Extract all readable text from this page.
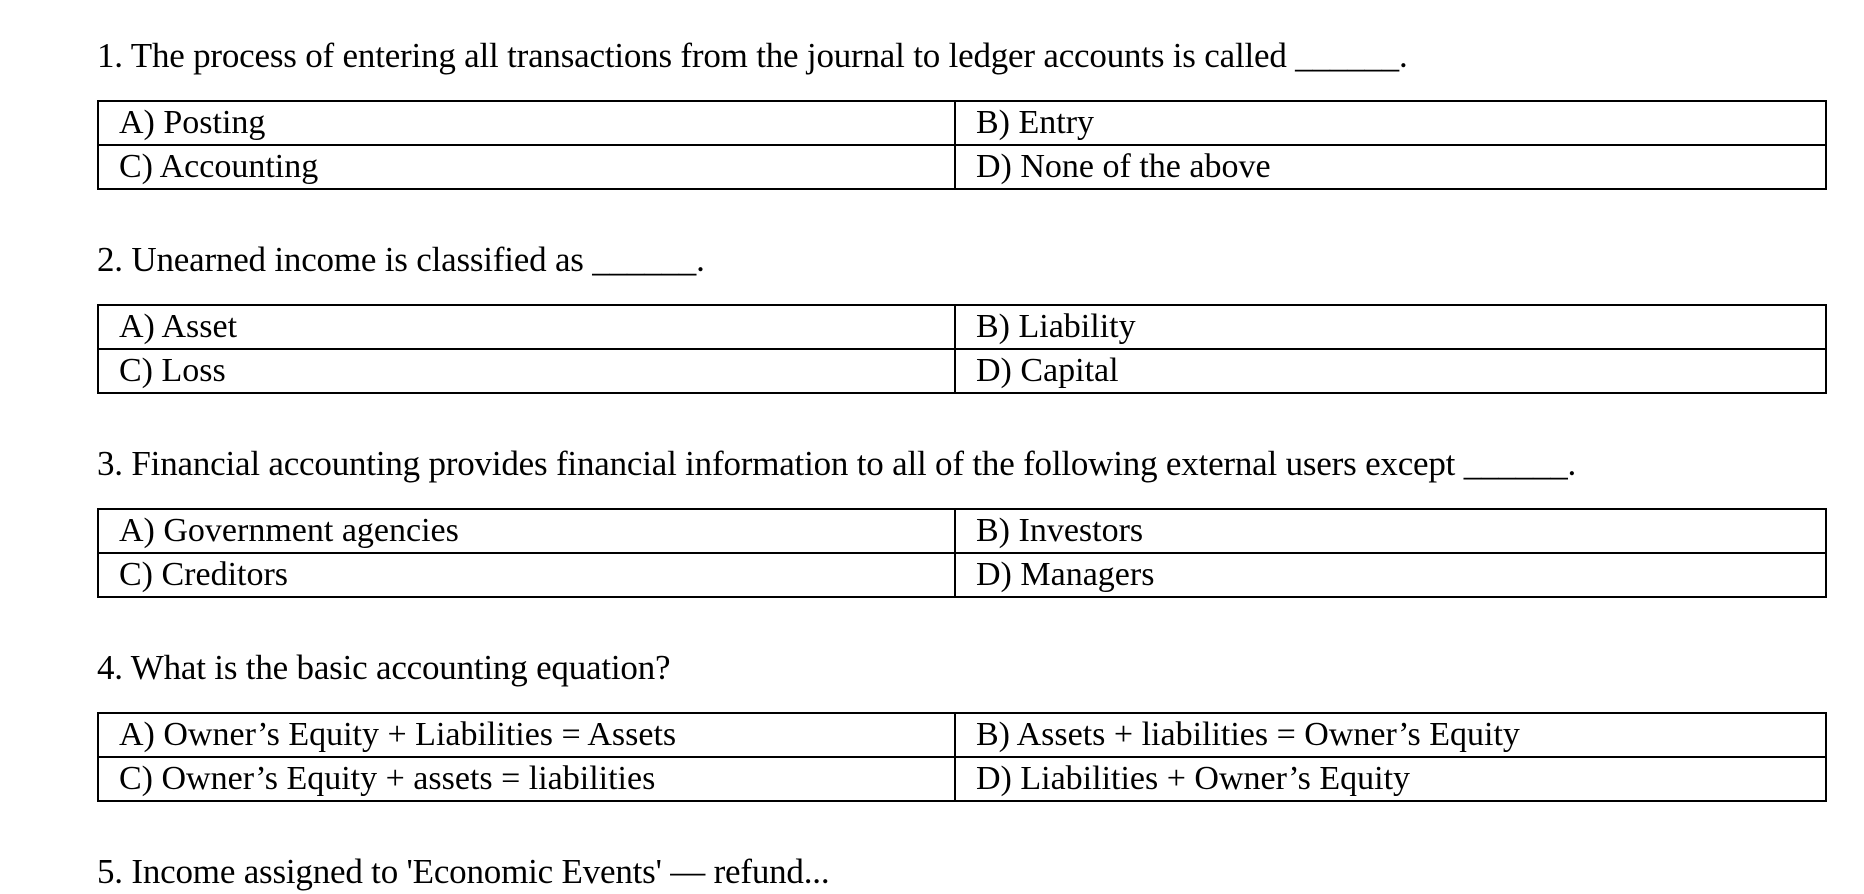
1. The process of entering all transactions from the journal to ledger accounts is called ______.
A) Posting	B) Entry
C) Accounting	D) None of the above
2. Unearned income is classified as ______.
A) Asset	B) Liability
C) Loss	D) Capital
3. Financial accounting provides financial information to all of the following external users except ______.
A) Government agencies	B) Investors
C) Creditors	D) Managers
4. What is the basic accounting equation?
A) Owner’s Equity + Liabilities = Assets	B) Assets + liabilities = Owner’s Equity
C) Owner’s Equity + assets = liabilities	D) Liabilities + Owner’s Equity
5. Income assigned to 'Economic Events' — refund...
